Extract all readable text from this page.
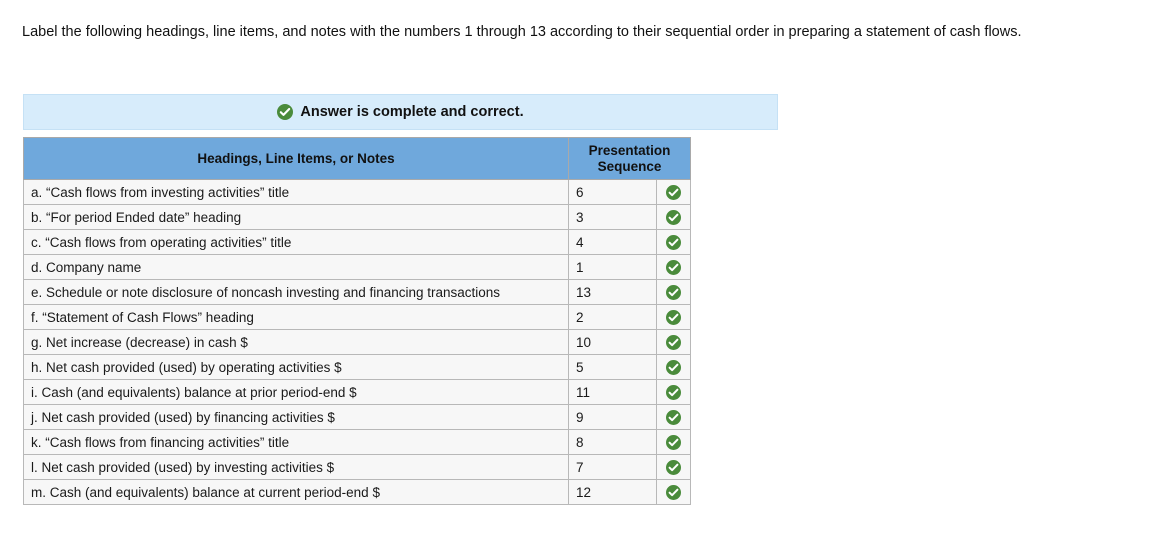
Label the following headings, line items, and notes with the numbers 1 through 13 according to their sequential order in preparing a statement of cash flows.
Answer is complete and correct.
Headings, Line Items, or Notes	Presentation
Sequence	
a. “Cash flows from investing activities” title	6	

b. “For period Ended date” heading	3	

c. “Cash flows from operating activities” title	4	

d. Company name	1	

e. Schedule or note disclosure of noncash investing and financing transactions	13	

f. “Statement of Cash Flows” heading	2	

g. Net increase (decrease) in cash $	10	

h. Net cash provided (used) by operating activities $	5	

i. Cash (and equivalents) balance at prior period-end $	11	

j. Net cash provided (used) by financing activities $	9	

k. “Cash flows from financing activities” title	8	

l. Net cash provided (used) by investing activities $	7	

m. Cash (and equivalents) balance at current period-end $	12	
